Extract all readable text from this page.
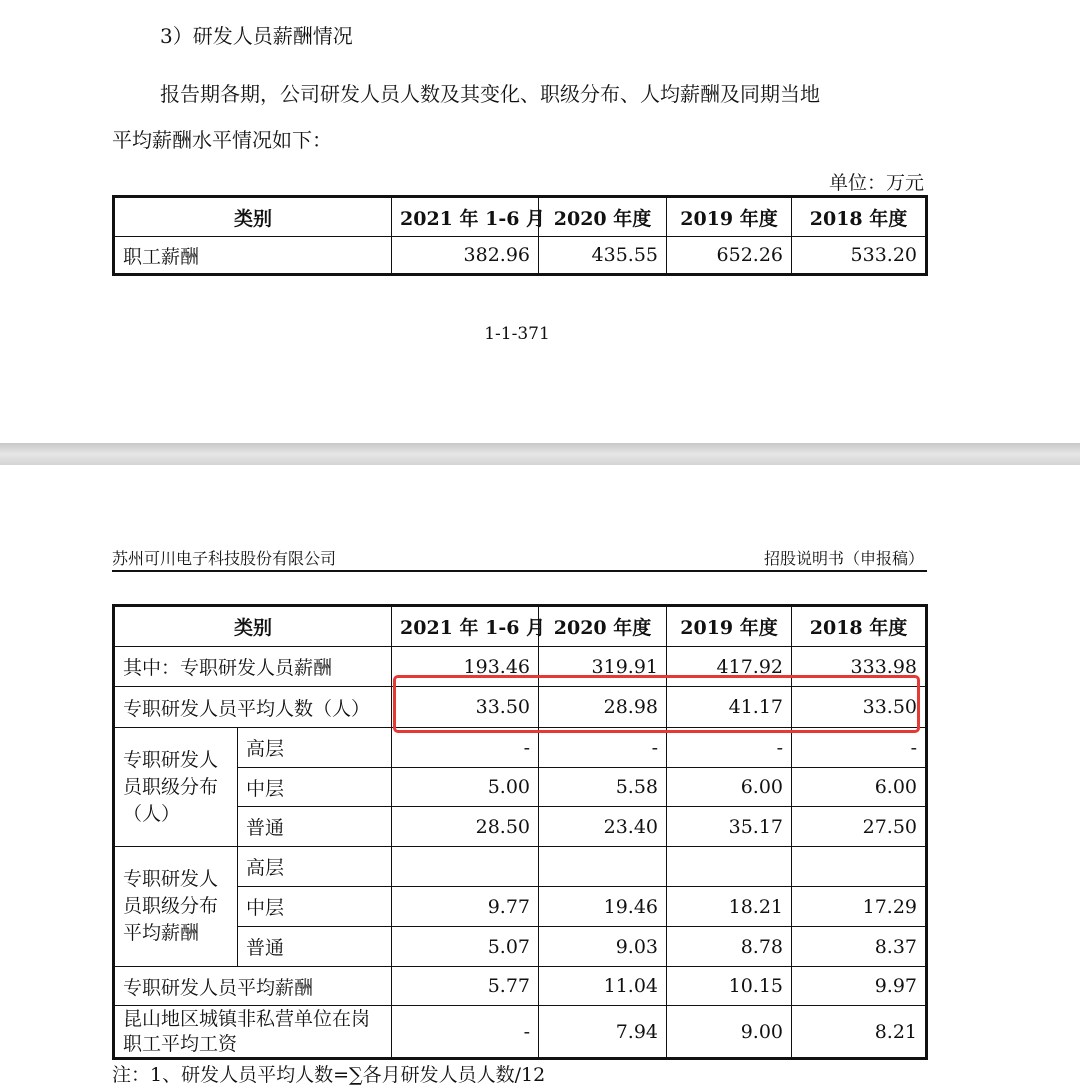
3）研发人员薪酬情况
报告期各期，公司研发人员人数及其变化、职级分布、人均薪酬及同期当地
平均薪酬水平情况如下：
单位：万元
类别	2021 年 1-6 月	2020 年度	2019 年度	2018 年度
职工薪酬	382.96	435.55	652.26	533.20
1-1-371
苏州可川电子科技股份有限公司	招股说明书（申报稿）
类别		2021 年 1-6 月	2020 年度	2019 年度	2018 年度
其中：专职研发人员薪酬		193.46	319.91	417.92	333.98
专职研发人员平均人数（人）		33.50	28.98	41.17	33.50
专职研发人员职级分布（人）	高层	-	-	-	-
	中层	5.00	5.58	6.00	6.00
	普通	28.50	23.40	35.17	27.50
专职研发人员职级分布平均薪酬	高层				
	中层	9.77	19.46	18.21	17.29
	普通	5.07	9.03	8.78	8.37
专职研发人员平均薪酬		5.77	11.04	10.15	9.97
昆山地区城镇非私营单位在岗职工平均工资		-	7.94	9.00	8.21
注：1、研发人员平均人数=∑各月研发人员人数/12
